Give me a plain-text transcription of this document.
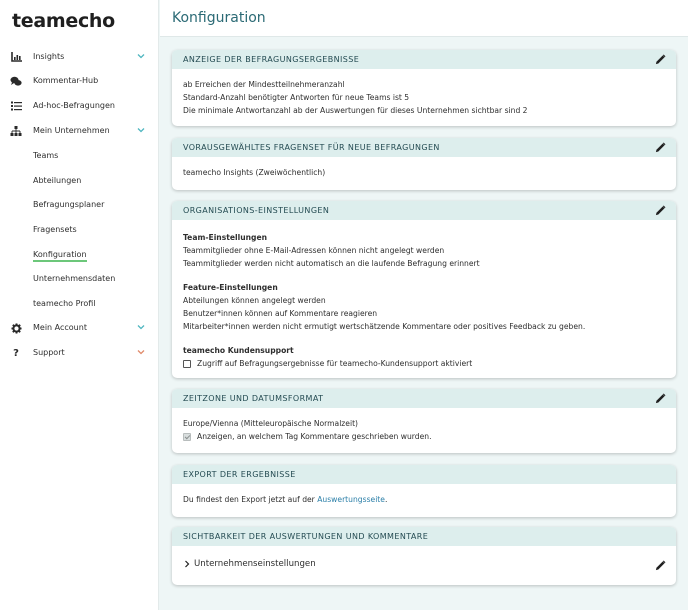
teamecho
Insights
Kommentar-Hub
Ad-hoc-Befragungen
Mein Unternehmen
Teams
Abteilungen
Befragungsplaner
Fragensets
Konfiguration
Unternehmensdaten
teamecho Profil
Mein Account
?	Support
Konfiguration
ANZEIGE DER BEFRAGUNGSERGEBNISSE
ab Erreichen der Mindestteilnehmeranzahl
Standard-Anzahl benötigter Antworten für neue Teams ist 5
Die minimale Antwortanzahl ab der Auswertungen für dieses Unternehmen sichtbar sind 2
VORAUSGEWÄHLTES FRAGENSET FÜR NEUE BEFRAGUNGEN
teamecho Insights (Zweiwöchentlich)
ORGANISATIONS-EINSTELLUNGEN
Team-Einstellungen
Teammitglieder ohne E-Mail-Adressen können nicht angelegt werden
Teammitglieder werden nicht automatisch an die laufende Befragung erinnert
Feature-Einstellungen
Abteilungen können angelegt werden
Benutzer*innen können auf Kommentare reagieren
Mitarbeiter*innen werden nicht ermutigt wertschätzende Kommentare oder positives Feedback zu geben.
teamecho Kundensupport
Zugriff auf Befragungsergebnisse für teamecho-Kundensupport aktiviert
ZEITZONE UND DATUMSFORMAT
Europe/Vienna (Mitteleuropäische Normalzeit)
Anzeigen, an welchem Tag Kommentare geschrieben wurden.
EXPORT DER ERGEBNISSE
Du findest den Export jetzt auf der Auswertungsseite.
SICHTBARKEIT DER AUSWERTUNGEN UND KOMMENTARE
Unternehmenseinstellungen
